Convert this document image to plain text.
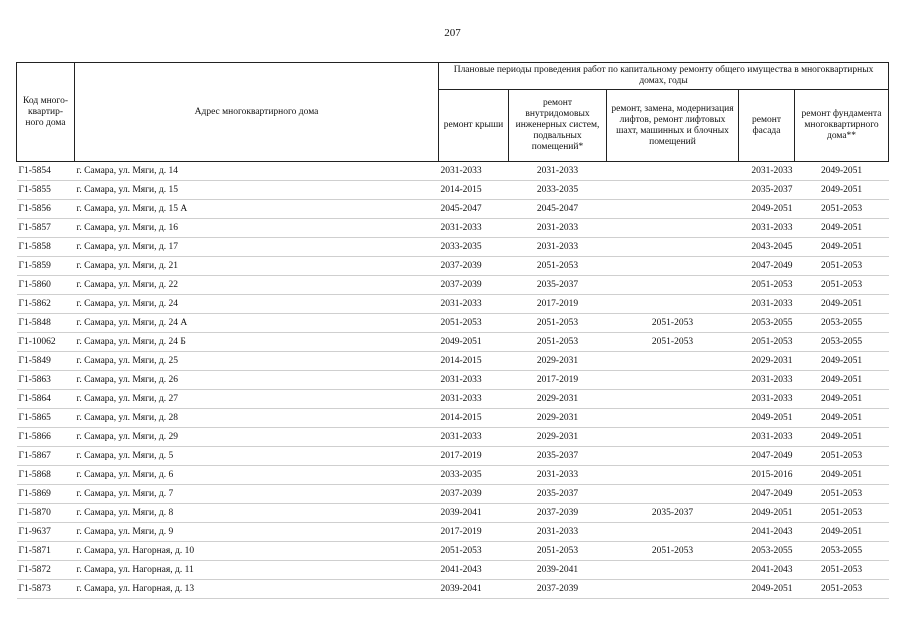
207
Код много-квартир-ного дома	Адрес многоквартирного дома	Плановые периоды проведения работ по капитальному ремонту общего имущества в многоквартирных домах, годы				
		ремонт крыши	ремонт внутридомовых инженерных систем, подвальных помещений*	ремонт, замена, модернизация лифтов, ремонт лифтовых шахт, машинных и блочных помещений	ремонт фасада	ремонт фундамента многоквартирного дома**
Г1-5854	г. Самара, ул. Мяги, д. 14	2031-2033	2031-2033		2031-2033	2049-2051
Г1-5855	г. Самара, ул. Мяги, д. 15	2014-2015	2033-2035		2035-2037	2049-2051
Г1-5856	г. Самара, ул. Мяги, д. 15 А	2045-2047	2045-2047		2049-2051	2051-2053
Г1-5857	г. Самара, ул. Мяги, д. 16	2031-2033	2031-2033		2031-2033	2049-2051
Г1-5858	г. Самара, ул. Мяги, д. 17	2033-2035	2031-2033		2043-2045	2049-2051
Г1-5859	г. Самара, ул. Мяги, д. 21	2037-2039	2051-2053		2047-2049	2051-2053
Г1-5860	г. Самара, ул. Мяги, д. 22	2037-2039	2035-2037		2051-2053	2051-2053
Г1-5862	г. Самара, ул. Мяги, д. 24	2031-2033	2017-2019		2031-2033	2049-2051
Г1-5848	г. Самара, ул. Мяги, д. 24 А	2051-2053	2051-2053	2051-2053	2053-2055	2053-2055
Г1-10062	г. Самара, ул. Мяги, д. 24 Б	2049-2051	2051-2053	2051-2053	2051-2053	2053-2055
Г1-5849	г. Самара, ул. Мяги, д. 25	2014-2015	2029-2031		2029-2031	2049-2051
Г1-5863	г. Самара, ул. Мяги, д. 26	2031-2033	2017-2019		2031-2033	2049-2051
Г1-5864	г. Самара, ул. Мяги, д. 27	2031-2033	2029-2031		2031-2033	2049-2051
Г1-5865	г. Самара, ул. Мяги, д. 28	2014-2015	2029-2031		2049-2051	2049-2051
Г1-5866	г. Самара, ул. Мяги, д. 29	2031-2033	2029-2031		2031-2033	2049-2051
Г1-5867	г. Самара, ул. Мяги, д. 5	2017-2019	2035-2037		2047-2049	2051-2053
Г1-5868	г. Самара, ул. Мяги, д. 6	2033-2035	2031-2033		2015-2016	2049-2051
Г1-5869	г. Самара, ул. Мяги, д. 7	2037-2039	2035-2037		2047-2049	2051-2053
Г1-5870	г. Самара, ул. Мяги, д. 8	2039-2041	2037-2039	2035-2037	2049-2051	2051-2053
Г1-9637	г. Самара, ул. Мяги, д. 9	2017-2019	2031-2033		2041-2043	2049-2051
Г1-5871	г. Самара, ул. Нагорная, д. 10	2051-2053	2051-2053	2051-2053	2053-2055	2053-2055
Г1-5872	г. Самара, ул. Нагорная, д. 11	2041-2043	2039-2041		2041-2043	2051-2053
Г1-5873	г. Самара, ул. Нагорная, д. 13	2039-2041	2037-2039		2049-2051	2051-2053
